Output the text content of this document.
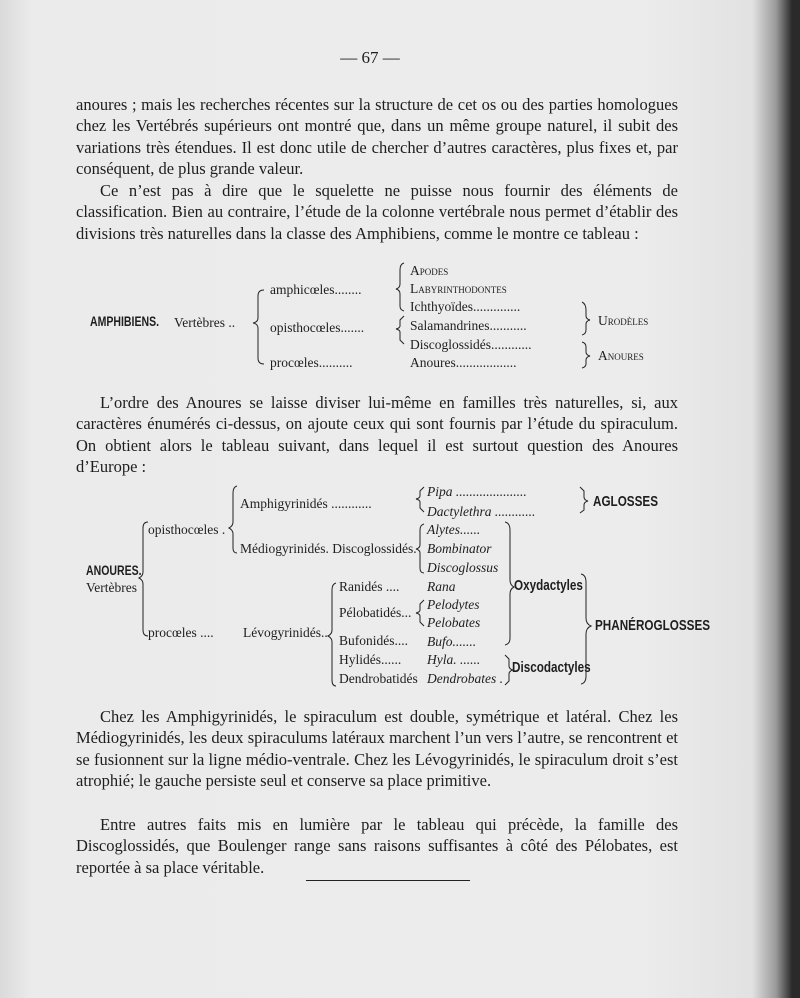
— 67 —
anoures ; mais les recherches récentes sur la structure de cet os ou des parties homologues chez les Vertébrés supérieurs ont montré que, dans un même groupe naturel, il subit des variations très étendues. Il est donc utile de chercher d’autres caractères, plus fixes et, par conséquent, de plus grande valeur.
Ce n’est pas à dire que le squelette ne puisse nous fournir des éléments de classification. Bien au contraire, l’étude de la colonne vertébrale nous permet d’établir des divisions très naturelles dans la classe des Amphibiens, comme le montre ce tableau :
AMPHIBIENS.	Vertèbres ..
amphicœles........
opisthocœles.......
procœles..........
Apodes
Labyrinthodontes
Ichthyoïdes..............
Salamandrines...........
Discoglossidés............
Anoures..................
Urodèles
Anoures
L’ordre des Anoures se laisse diviser lui-même en familles très naturelles, si, aux caractères énumérés ci-dessus, on ajoute ceux qui sont fournis par l’étude du spiraculum. On obtient alors le tableau suivant, dans lequel il est surtout question des Anoures d’Europe :
ANOURES.
Vertèbres
opisthocœles .
procœles ....
Amphigyrinidés ............
Médiogyrinidés. Discoglossidés.
Lévogyrinidés..
Ranidés ....
Pélobatidés...
Bufonidés....
Hylidés......
Dendrobatidés
Pipa .....................
Dactylethra ............
Alytes......
Bombinator
Discoglossus
Rana
Pelodytes
Pelobates
Bufo.......
Hyla. ......
Dendrobates .
AGLOSSES
Oxydactyles
PHANÉROGLOSSES
Discodactyles
Chez les Amphigyrinidés, le spiraculum est double, symétrique et latéral. Chez les Médiogyrinidés, les deux spiraculums latéraux marchent l’un vers l’autre, se rencontrent et se fusionnent sur la ligne médio-ventrale. Chez les Lévogyrinidés, le spiraculum droit s’est atrophié; le gauche persiste seul et conserve sa place primitive.
Entre autres faits mis en lumière par le tableau qui précède, la famille des Discoglossidés, que Boulenger range sans raisons suffisantes à côté des Pélobates, est reportée à sa place véritable.
